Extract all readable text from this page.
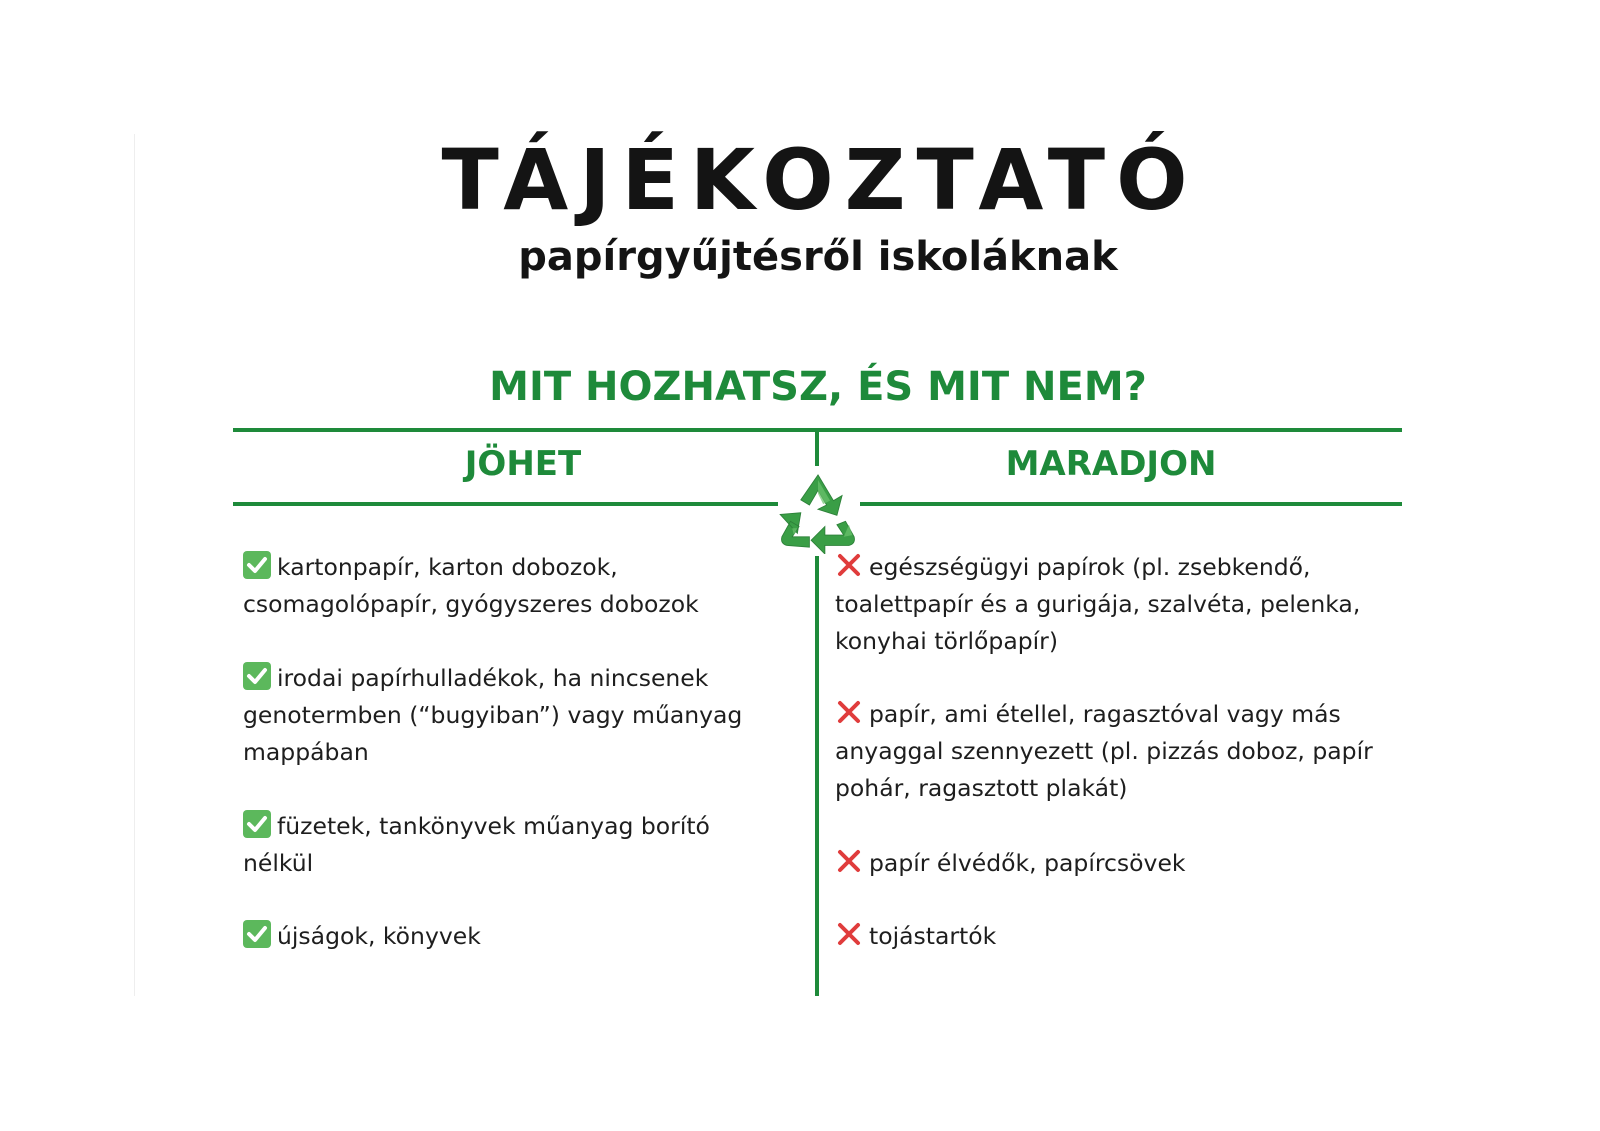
TÁJÉKOZTATÓ
papírgyűjtésről iskoláknak
MIT HOZHATSZ, ÉS MIT NEM?
JÖHET	MARADJON
kartonpapír, karton dobozok, csomagolópapír, gyógyszeres dobozok
irodai papírhulladékok, ha nincsenek genotermben (“bugyiban”) vagy műanyag mappában
füzetek, tankönyvek műanyag borító nélkül
újságok, könyvek
egészségügyi papírok (pl. zsebkendő, toalettpapír és a gurigája, szalvéta, pelenka, konyhai törlőpapír)
papír, ami étellel, ragasztóval vagy más anyaggal szennyezett (pl. pizzás doboz, papír pohár, ragasztott plakát)
papír élvédők, papírcsövek
tojástartók
